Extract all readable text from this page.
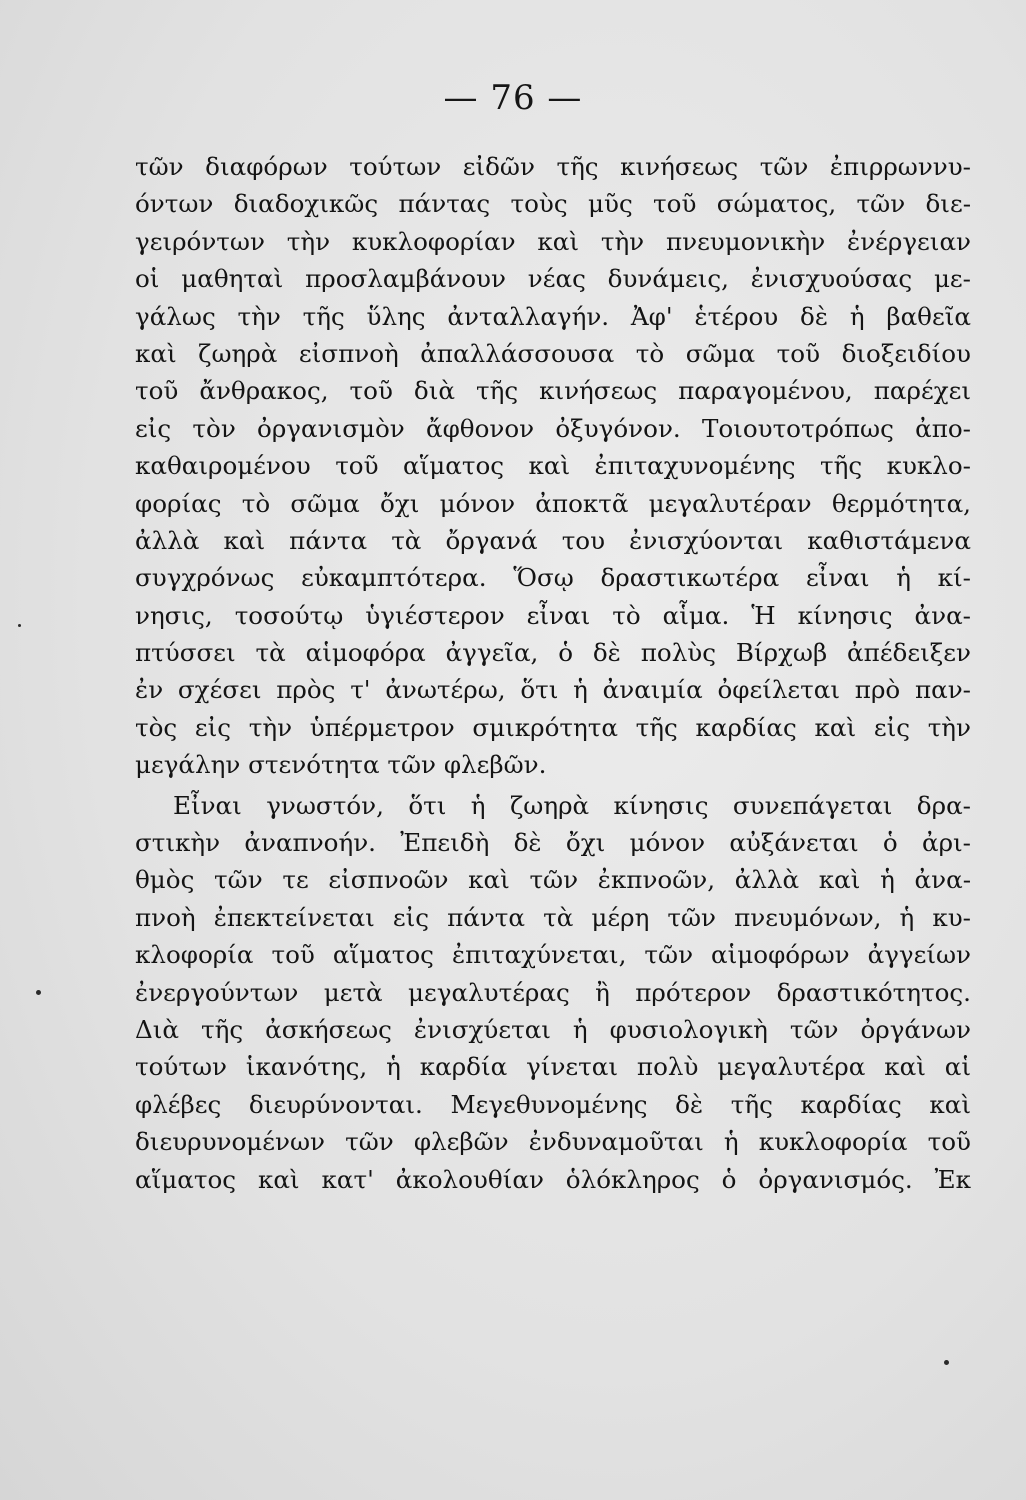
— 76 —
τῶν διαφόρων τούτων εἰδῶν τῆς κινήσεως τῶν ἐπιρρωννυ-
όντων διαδοχικῶς πάντας τοὺς μῦς τοῦ σώματος, τῶν διε-
γειρόντων τὴν κυκλοφορίαν καὶ τὴν πνευμονικὴν ἐνέργειαν
οἱ μαθηταὶ προσλαμβάνουν νέας δυνάμεις, ἐνισχυούσας με-
γάλως τὴν τῆς ὕλης ἀνταλλαγήν. Ἀφ' ἑτέρου δὲ ἡ βαθεῖα
καὶ ζωηρὰ εἰσπνοὴ ἀπαλλάσσουσα τὸ σῶμα τοῦ διοξειδίου
τοῦ ἄνθρακος, τοῦ διὰ τῆς κινήσεως παραγομένου, παρέχει
εἰς τὸν ὀργανισμὸν ἄφθονον ὀξυγόνον. Τοιουτοτρόπως ἀπο-
καθαιρομένου τοῦ αἵματος καὶ ἐπιταχυνομένης τῆς κυκλο-
φορίας τὸ σῶμα ὄχι μόνον ἀποκτᾶ μεγαλυτέραν θερμότητα,
ἀλλὰ καὶ πάντα τὰ ὄργανά του ἐνισχύονται καθιστάμενα
συγχρόνως εὐκαμπτότερα. Ὅσῳ δραστικωτέρα εἶναι ἡ κί-
νησις, τοσούτῳ ὑγιέστερον εἶναι τὸ αἷμα. Ἡ κίνησις ἀνα-
πτύσσει τὰ αἱμοφόρα ἀγγεῖα, ὁ δὲ πολὺς Βίρχωβ ἀπέδειξεν
ἐν σχέσει πρὸς τ' ἀνωτέρω, ὅτι ἡ ἀναιμία ὀφείλεται πρὸ παν-
τὸς εἰς τὴν ὑπέρμετρον σμικρότητα τῆς καρδίας καὶ εἰς τὴν
μεγάλην στενότητα τῶν φλεβῶν.
Εἶναι γνωστόν, ὅτι ἡ ζωηρὰ κίνησις συνεπάγεται δρα-
στικὴν ἀναπνοήν. Ἐπειδὴ δὲ ὄχι μόνον αὐξάνεται ὁ ἀρι-
θμὸς τῶν τε εἰσπνοῶν καὶ τῶν ἐκπνοῶν, ἀλλὰ καὶ ἡ ἀνα-
πνοὴ ἐπεκτείνεται εἰς πάντα τὰ μέρη τῶν πνευμόνων, ἡ κυ-
κλοφορία τοῦ αἵματος ἐπιταχύνεται, τῶν αἱμοφόρων ἀγγείων
ἐνεργούντων μετὰ μεγαλυτέρας ἢ πρότερον δραστικότητος.
Διὰ τῆς ἀσκήσεως ἐνισχύεται ἡ φυσιολογικὴ τῶν ὀργάνων
τούτων ἱκανότης, ἡ καρδία γίνεται πολὺ μεγαλυτέρα καὶ αἱ
φλέβες διευρύνονται. Μεγεθυνομένης δὲ τῆς καρδίας καὶ
διευρυνομένων τῶν φλεβῶν ἐνδυναμοῦται ἡ κυκλοφορία τοῦ
αἵματος καὶ κατ' ἀκολουθίαν ὁλόκληρος ὁ ὀργανισμός. Ἐκ
